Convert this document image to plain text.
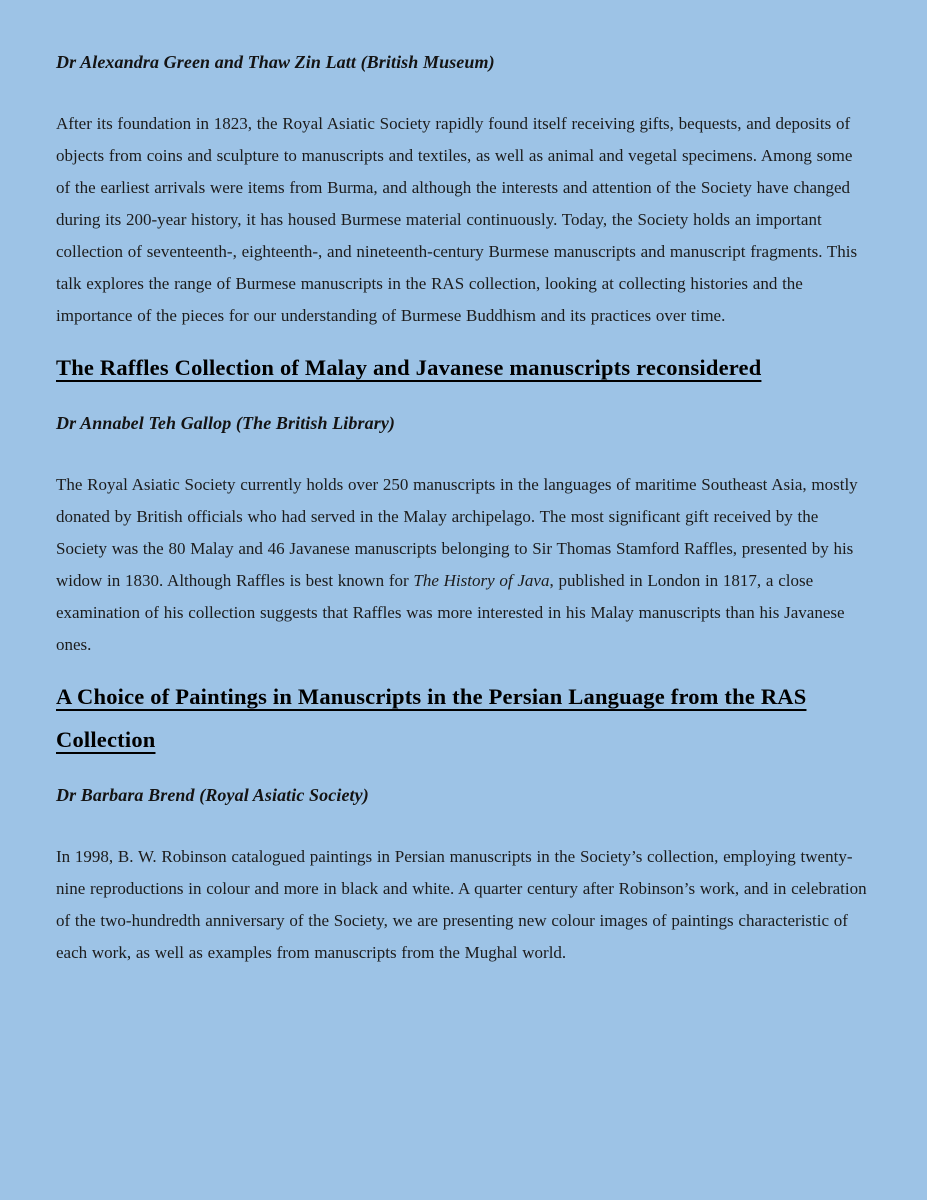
Dr Alexandra Green and Thaw Zin Latt (British Museum)

After its foundation in 1823, the Royal Asiatic Society rapidly found itself receiving gifts, bequests, and deposits of objects from coins and sculpture to manuscripts and textiles, as well as animal and vegetal specimens. Among some of the earliest arrivals were items from Burma, and although the interests and attention of the Society have changed during its 200-year history, it has housed Burmese material continuously. Today, the Society holds an important collection of seventeenth-, eighteenth-, and nineteenth-century Burmese manuscripts and manuscript fragments. This talk explores the range of Burmese manuscripts in the RAS collection, looking at collecting histories and the importance of the pieces for our understanding of Burmese Buddhism and its practices over time.

The Raffles Collection of Malay and Javanese manuscripts reconsidered

Dr Annabel Teh Gallop (The British Library)

The Royal Asiatic Society currently holds over 250 manuscripts in the languages of maritime Southeast Asia, mostly donated by British officials who had served in the Malay archipelago. The most significant gift received by the Society was the 80 Malay and 46 Javanese manuscripts belonging to Sir Thomas Stamford Raffles, presented by his widow in 1830. Although Raffles is best known for The History of Java, published in London in 1817, a close examination of his collection suggests that Raffles was more interested in his Malay manuscripts than his Javanese ones.

A Choice of Paintings in Manuscripts in the Persian Language from the RAS Collection

Dr Barbara Brend (Royal Asiatic Society)

In 1998, B. W. Robinson catalogued paintings in Persian manuscripts in the Society’s collection, employing twenty-nine reproductions in colour and more in black and white. A quarter century after Robinson’s work, and in celebration of the two-hundredth anniversary of the Society, we are presenting new colour images of paintings characteristic of each work, as well as examples from manuscripts from the Mughal world.
